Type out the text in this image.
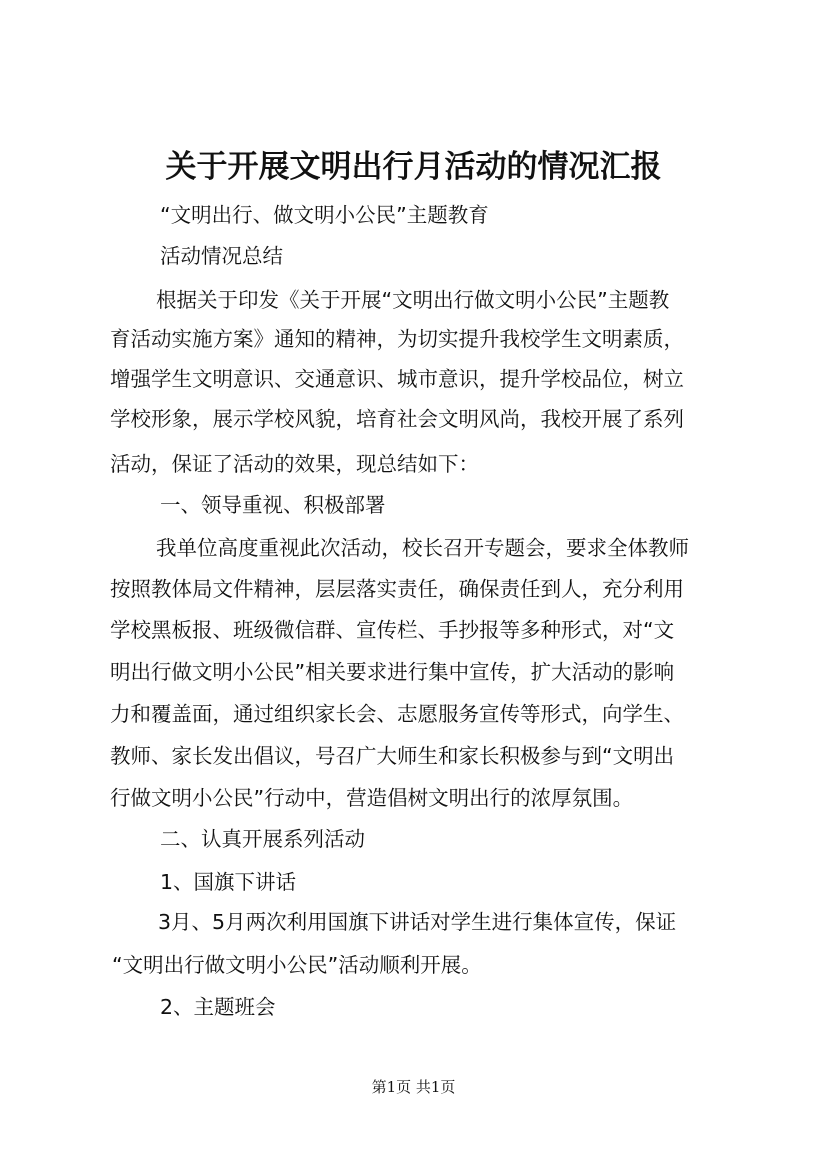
关于开展文明出行月活动的情况汇报

“文明出行、做文明小公民”主题教育

活动情况总结

根据关于印发《关于开展“文明出行做文明小公民”主题教

育活动实施方案》通知的精神，为切实提升我校学生文明素质，

增强学生文明意识、交通意识、城市意识，提升学校品位，树立

学校形象，展示学校风貌，培育社会文明风尚，我校开展了系列

活动，保证了活动的效果，现总结如下：

一、领导重视、积极部署

我单位高度重视此次活动，校长召开专题会，要求全体教师

按照教体局文件精神，层层落实责任，确保责任到人，充分利用

学校黑板报、班级微信群、宣传栏、手抄报等多种形式，对“文

明出行做文明小公民”相关要求进行集中宣传，扩大活动的影响

力和覆盖面，通过组织家长会、志愿服务宣传等形式，向学生、

教师、家长发出倡议，号召广大师生和家长积极参与到“文明出

行做文明小公民”行动中，营造倡树文明出行的浓厚氛围。

二、认真开展系列活动

1、国旗下讲话

3月、5月两次利用国旗下讲话对学生进行集体宣传，保证

“文明出行做文明小公民”活动顺利开展。

2、主题班会

第1页 共1页
